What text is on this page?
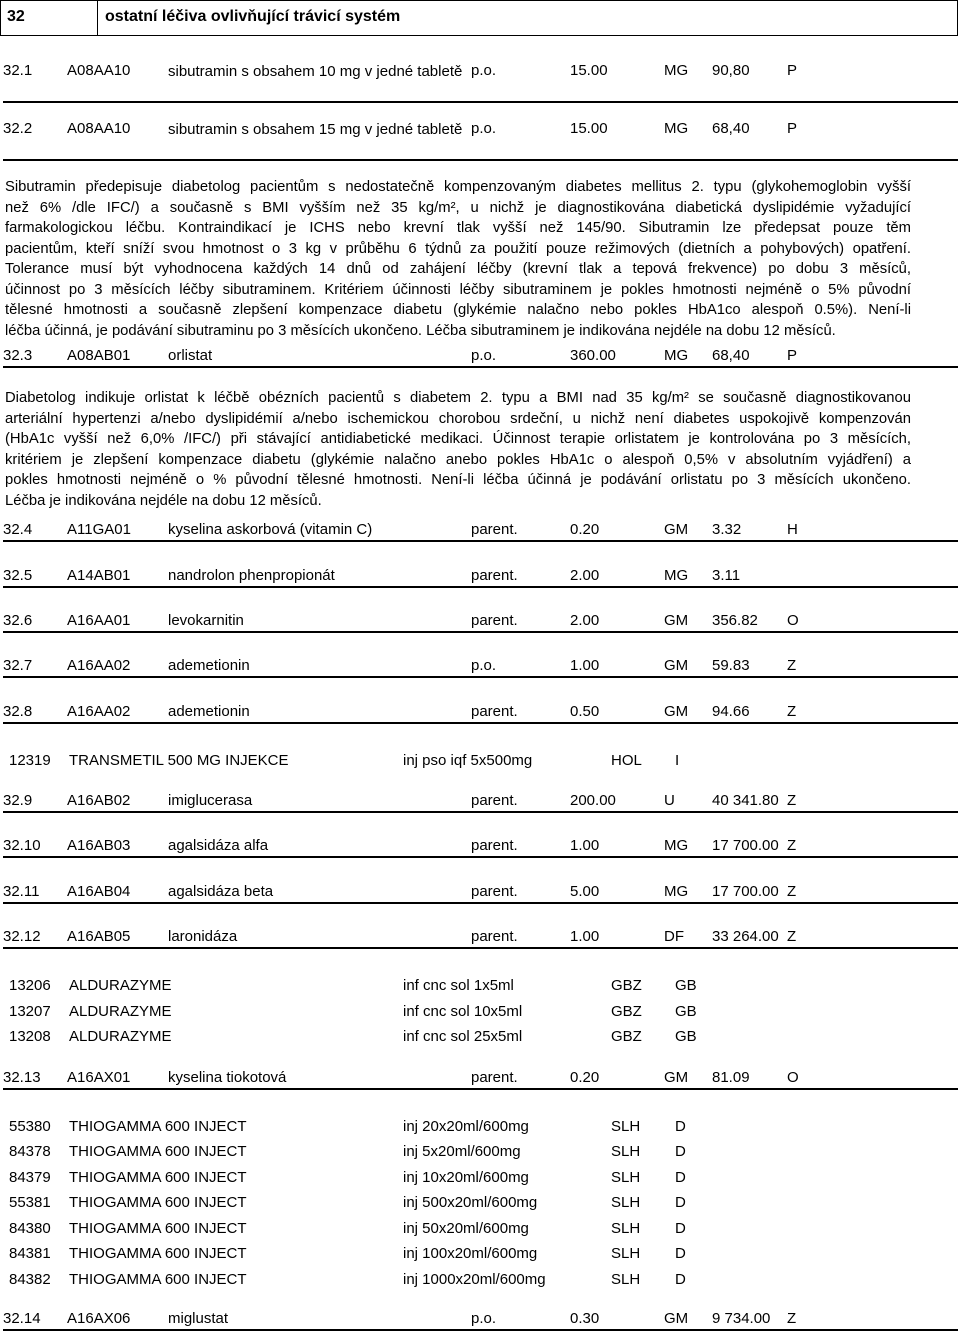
32	ostatní léčiva ovlivňující trávicí systém
32.1 A08AA10	sibutramin s obsahem 10 mg v jedné tabletě p.o.	15.00	MG 90,80 P
32.2 A08AA10	sibutramin s obsahem 15 mg v jedné tabletě p.o.	15.00	MG 68,40 P
Sibutramin předepisuje diabetolog pacientům s nedostatečně kompenzovaným diabetes mellitus 2. typu (glykohemoglobin vyšší
než 6% /dle IFC/) a současně s BMI vyšším než 35 kg/m², u nichž je diagnostikována diabetická dyslipidémie vyžadující
farmakologickou léčbu. Kontraindikací je ICHS nebo krevní tlak vyšší než 145/90. Sibutramin lze předepsat pouze těm
pacientům, kteří sníží svou hmotnost o 3 kg v průběhu 6 týdnů za použití pouze režimových (dietních a pohybových) opatření.
Tolerance musí být vyhodnocena každých 14 dnů od zahájení léčby (krevní tlak a tepová frekvence) po dobu 3 měsíců,
účinnost po 3 měsících léčby sibutraminem. Kritériem účinnosti léčby sibutraminem je pokles hmotnosti nejméně o 5% původní
tělesné hmotnosti a současně zlepšení kompenzace diabetu (glykémie nalačno nebo pokles HbA1co alespoň 0.5%). Není-li
léčba účinná, je podávání sibutraminu po 3 měsících ukončeno. Léčba sibutraminem je indikována nejdéle na dobu 12 měsíců.
32.3 A08AB01	orlistat	p.o.	360.00	MG 68,40 P
Diabetolog indikuje orlistat k léčbě obézních pacientů s diabetem 2. typu a BMI nad 35 kg/m² se současně diagnostikovanou
arteriální hypertenzi a/nebo dyslipidémií a/nebo ischemickou chorobou srdeční, u nichž není diabetes uspokojivě kompenzován
(HbA1c vyšší než 6,0% /IFC/) při stávající antidiabetické medikaci. Účinnost terapie orlistatem je kontrolována po 3 měsících,
kritériem je zlepšení kompenzace diabetu (glykémie nalačno anebo pokles HbA1c o alespoň 0,5% v absolutním vyjádření) a
pokles hmotnosti nejméně o % původní tělesné hmotnosti. Není-li léčba účinná je podávání orlistatu po 3 měsících ukončeno.
Léčba je indikována nejdéle na dobu 12 měsíců.
32.4 A11GA01 kyselina askorbová (vitamin C)	parent.	0.20	GM 3.32	H
32.5 A14AB01	nandrolon phenpropionát	parent.	2.00	MG 3.11
32.6 A16AA01	levokarnitin	parent.	2.00	GM 356.82 O
32.7 A16AA02	ademetionin	p.o.	1.00	GM 59.83 Z
32.8 A16AA02	ademetionin	parent.	0.50	GM 94.66 Z
12319 TRANSMETIL 500 MG INJEKCE	inj pso iqf 5x500mg	HOL I
32.9 A16AB02	imiglucerasa	parent.	200.00	U 40 341.80 Z
32.10 A16AB03	agalsidáza alfa	parent.	1.00	MG 17 700.00 Z
32.11 A16AB04	agalsidáza beta	parent.	5.00	MG 17 700.00 Z
32.12 A16AB05	laronidáza	parent.	1.00	DF 33 264.00 Z
13206 ALDURAZYME	inf cnc sol 1x5ml	GBZ GB
13207 ALDURAZYME	inf cnc sol 10x5ml	GBZ GB
13208 ALDURAZYME	inf cnc sol 25x5ml	GBZ GB
32.13 A16AX01	kyselina tiokotová	parent.	0.20	GM 81.09 O
55380 THIOGAMMA 600 INJECT	inj 20x20ml/600mg	SLH D
84378 THIOGAMMA 600 INJECT	inj 5x20ml/600mg	SLH D
84379 THIOGAMMA 600 INJECT	inj 10x20ml/600mg	SLH D
55381 THIOGAMMA 600 INJECT	inj 500x20ml/600mg	SLH D
84380 THIOGAMMA 600 INJECT	inj 50x20ml/600mg	SLH D
84381 THIOGAMMA 600 INJECT	inj 100x20ml/600mg	SLH D
84382 THIOGAMMA 600 INJECT	inj 1000x20ml/600mg	SLH D
32.14 A16AX06	miglustat	p.o.	0.30	GM 9 734.00 Z
